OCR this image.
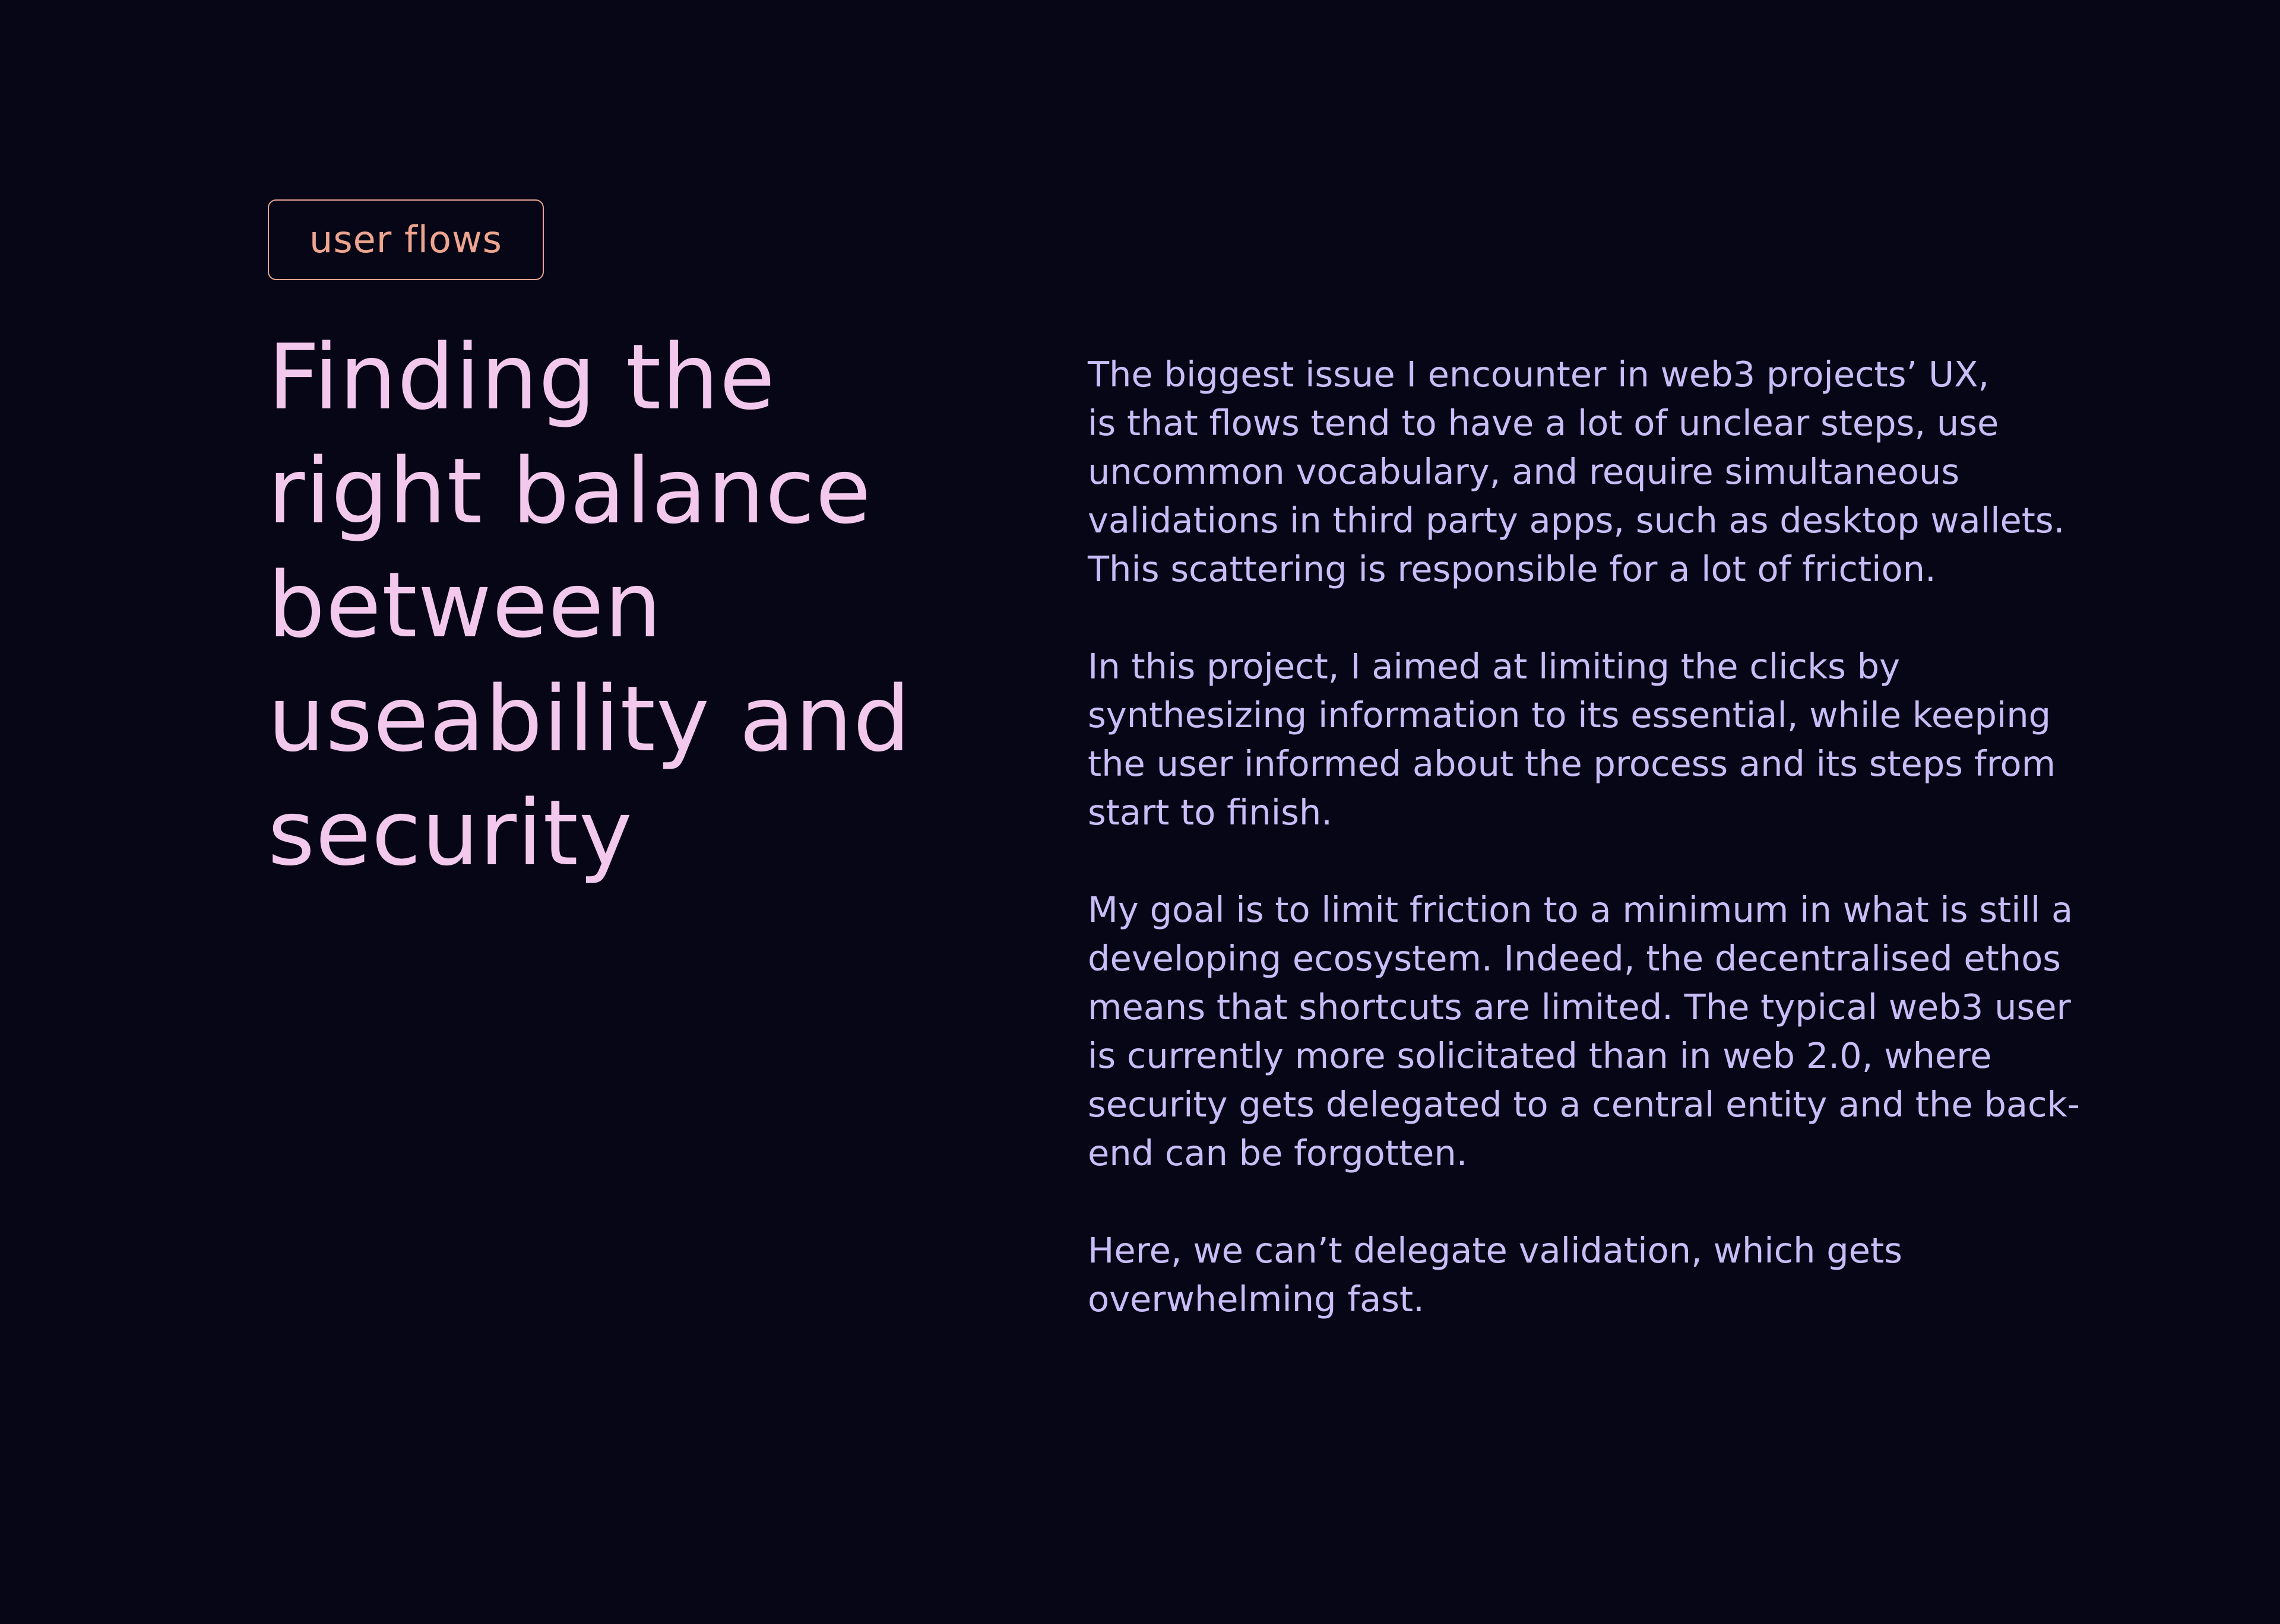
user flows
Finding the
right balance
between
useability and
security

The biggest issue I encounter in web3 projects’ UX,
is that flows tend to have a lot of unclear steps, use
uncommon vocabulary, and require simultaneous
validations in third party apps, such as desktop wallets.
This scattering is responsible for a lot of friction.

In this project, I aimed at limiting the clicks by
synthesizing information to its essential, while keeping
the user informed about the process and its steps from
start to finish.

My goal is to limit friction to a minimum in what is still a
developing ecosystem. Indeed, the decentralised ethos
means that shortcuts are limited. The typical web3 user
is currently more solicitated than in web 2.0, where
security gets delegated to a central entity and the back-
end can be forgotten.

Here, we can’t delegate validation, which gets
overwhelming fast.
